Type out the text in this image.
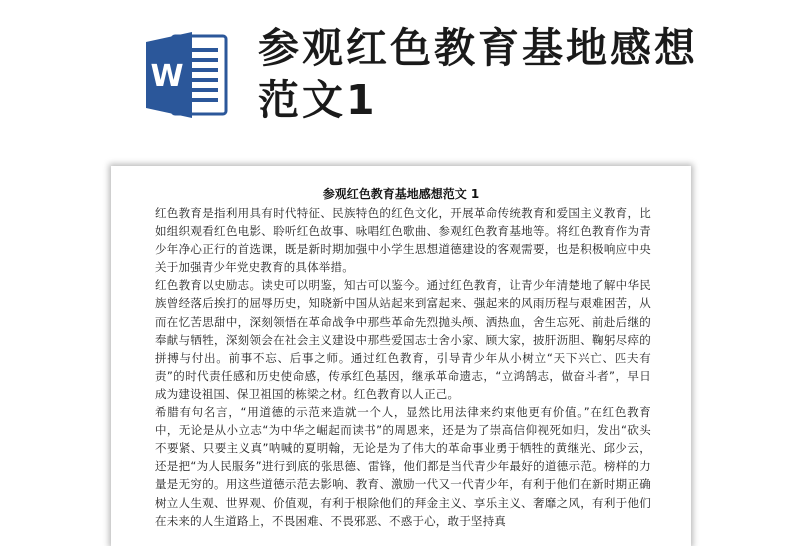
W
参观红色教育基地感想范文1
参观红色教育基地感想范文 1

红色教育是指利用具有时代特征、民族特色的红色文化，开展革命传统教育和爱国主义教育，比如组织观看红色电影、聆听红色故事、咏唱红色歌曲、参观红色教育基地等。将红色教育作为青少年净心正行的首选课，既是新时期加强中小学生思想道德建设的客观需要，也是积极响应中央关于加强青少年党史教育的具体举措。

红色教育以史励志。读史可以明鉴，知古可以鉴今。通过红色教育，让青少年清楚地了解中华民族曾经落后挨打的屈辱历史，知晓新中国从站起来到富起来、强起来的风雨历程与艰难困苦，从而在忆苦思甜中，深刻领悟在革命战争中那些革命先烈抛头颅、洒热血，舍生忘死、前赴后继的奉献与牺牲，深刻领会在社会主义建设中那些爱国志士舍小家、顾大家，披肝沥胆、鞠躬尽瘁的拼搏与付出。前事不忘、后事之师。通过红色教育，引导青少年从小树立“天下兴亡、匹夫有责”的时代责任感和历史使命感，传承红色基因，继承革命遗志，“立鸿鹄志，做奋斗者”，早日成为建设祖国、保卫祖国的栋梁之材。红色教育以人正己。

希腊有句名言，“用道德的示范来造就一个人，显然比用法律来约束他更有价值。”在红色教育中，无论是从小立志“为中华之崛起而读书”的周恩来，还是为了崇高信仰视死如归，发出“砍头不要紧、只要主义真”呐喊的夏明翰，无论是为了伟大的革命事业勇于牺牲的黄继光、邱少云，还是把“为人民服务”进行到底的张思德、雷锋，他们都是当代青少年最好的道德示范。榜样的力量是无穷的。用这些道德示范去影响、教育、激励一代又一代青少年，有利于他们在新时期正确树立人生观、世界观、价值观，有利于根除他们的拜金主义、享乐主义、奢靡之风，有利于他们在未来的人生道路上，不畏困难、不畏邪恶、不惑于心，敢于坚持真
